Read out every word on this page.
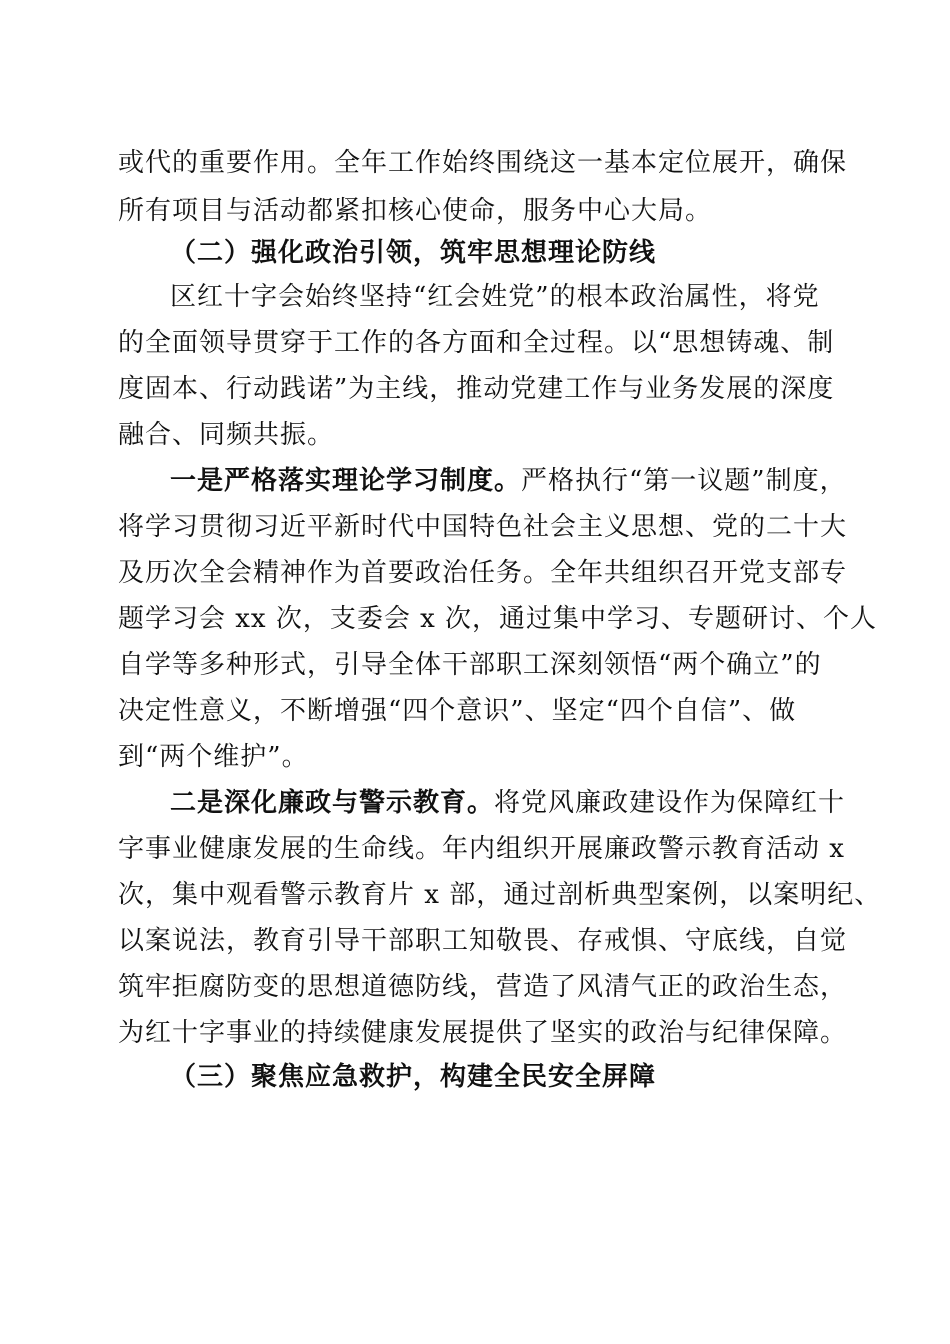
或代的重要作用。全年工作始终围绕这一基本定位展开，确保
所有项目与活动都紧扣核心使命，服务中心大局。
（二）强化政治引领，筑牢思想理论防线
区红十字会始终坚持“红会姓党”的根本政治属性，将党
的全面领导贯穿于工作的各方面和全过程。以“思想铸魂、制
度固本、行动践诺”为主线，推动党建工作与业务发展的深度
融合、同频共振。
一是严格落实理论学习制度。严格执行“第一议题”制度，
将学习贯彻习近平新时代中国特色社会主义思想、党的二十大
及历次全会精神作为首要政治任务。全年共组织召开党支部专
题学习会 xx 次，支委会 x 次，通过集中学习、专题研讨、个人
自学等多种形式，引导全体干部职工深刻领悟“两个确立”的
决定性意义，不断增强“四个意识”、坚定“四个自信”、做
到“两个维护”。
二是深化廉政与警示教育。将党风廉政建设作为保障红十
字事业健康发展的生命线。年内组织开展廉政警示教育活动 x
次，集中观看警示教育片 x 部，通过剖析典型案例，以案明纪、
以案说法，教育引导干部职工知敬畏、存戒惧、守底线，自觉
筑牢拒腐防变的思想道德防线，营造了风清气正的政治生态，
为红十字事业的持续健康发展提供了坚实的政治与纪律保障。
（三）聚焦应急救护，构建全民安全屏障
